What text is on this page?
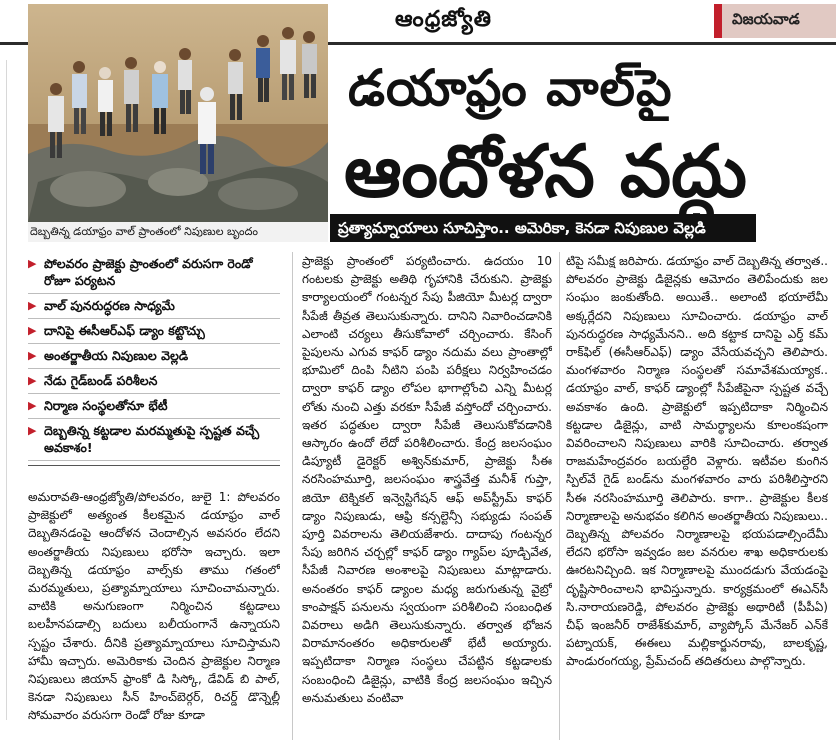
ఆంధ్రజ్యోతి	విజయవాడ
దెబ్బతిన్న డయాఫ్రం వాల్ ప్రాంతంలో నిపుణుల బృందం
డయాఫ్రం వాల్‌పై
ఆందోళన వద్దు
ప్రత్యామ్నాయాలు సూచిస్తాం.. అమెరికా, కెనడా నిపుణుల వెల్లడి
▶ పోలవరం ప్రాజెక్టు ప్రాంతంలో వరుసగా రెండో రోజూ పర్యటన
▶ వాల్ పునరుద్ధరణ సాధ్యమే
▶ దానిపై ఈసీఆర్‌ఎఫ్ డ్యాం కట్టొచ్చు
▶ అంతర్జాతీయ నిపుణుల వెల్లడి
▶ నేడు గైడ్‌బండ్ పరిశీలన
▶ నిర్మాణ సంస్థలతోనూ భేటీ
▶ దెబ్బతిన్న కట్టడాల మరమ్మతుపై స్పష్టత వచ్చే అవకాశం!

అమరావతి-ఆంధ్రజ్యోతి/పోలవరం, జులై 1: పోలవరం ప్రాజెక్టులో అత్యంత కీలకమైన డయాఫ్రం వాల్ దెబ్బతినడంపై ఆందోళన చెందాల్సిన అవసరం లేదని అంతర్జాతీయ నిపుణులు భరోసా ఇచ్చారు. ఇలా దెబ్బతిన్న డయాఫ్రం వాల్స్‌కు తాము గతంలో మరమ్మతులు, ప్రత్యామ్నాయాలు సూచించామన్నారు. వాటికి అనుగుణంగా నిర్మించిన కట్టడాలు బలహీనపడాల్సి బదులు బలీయంగానే ఉన్నాయని స్పష్టం చేశారు. దీనికి ప్రత్యామ్నాయాలు సూచిస్తామని హామీ ఇచ్చారు. అమెరికాకు చెందిన ప్రాజెక్టుల నిర్మాణ నిపుణులు జియాన్ ఫ్రాంకో డి సిస్కో, డేవిడ్ బి పాల్, కెనడా నిపుణులు సీన్ హించ్‌బెర్గర్, రిచర్డ్ డొన్నెల్లీ సోమవారం వరుసగా రెండో రోజు కూడా

ప్రాజెక్టు ప్రాంతంలో పర్యటించారు. ఉదయం 10 గంటలకు ప్రాజెక్టు అతిథి గృహానికి చేరుకుని. ప్రాజెక్టు కార్యాలయంలో గంటన్నర సేపు పీజియో మీటర్ల ద్వారా సీపేజీ తీవ్రత తెలుసుకున్నారు. దానిని నివారించడానికి ఎలాంటి చర్యలు తీసుకోవాలో చర్చించారు. కేసింగ్ పైపులను ఎగువ కాఫర్ డ్యాం నదుమ వలు ప్రాంతాల్లో భూమిలో దింపి నీటిని పంపి పరీక్షలు నిర్వహించడం ద్వారా కాఫర్ డ్యాం లోపల భాగాల్లోంచి ఎన్ని మీటర్ల లోతు నుంచి ఎత్తు వరకూ సీపేజీ వస్తోందో చర్చించారు. ఇతర పద్ధతుల ద్వారా సీపేజీ తెలుసుకోవడానికి ఆస్కారం ఉందో లేదో పరిశీలించారు. కేంద్ర జలసంఘం డిప్యూటీ డైరెక్టర్ అశ్విన్‌కుమార్, ప్రాజెక్టు సీఈ నరసింహమూర్తి, జలసంఘం శాస్త్రవేత్త మనీశ్ గుప్తా, జియో టెక్నికల్ ఇన్వెస్టిగేషన్ ఆఫ్ అప్‌స్ట్రీమ్ కాఫర్ డ్యాం నిపుణుడు, ఆఫ్రి కన్సల్టెన్సీ సభ్యుడు సంపత్ పూర్తి వివరాలను తెలియజేశారు. దాదాపు గంటన్నర సేపు జరిగిన చర్చల్లో కాఫర్ డ్యాం గ్యాప్‌ల పూడ్చివేత, సీపేజీ నివారణ అంశాలపై నిపుణులు మాట్లాడారు. అనంతరం కాఫర్ డ్యాంల మధ్య జరుగుతున్న వైబ్రో కాంపాక్షన్ పనులను స్వయంగా పరిశీలించి సంబంధిత వివరాలు అడిగి తెలుసుకున్నారు. తర్వాత భోజన విరామానంతరం అధికారులతో భేటీ అయ్యారు. ఇప్పటిదాకా నిర్మాణ సంస్థలు చేపట్టిన కట్టడాలకు సంబంధించి డిజైన్లు, వాటికి కేంద్ర జలసంఘం ఇచ్చిన అనుమతులు వంటివా

టిపై సమీక్ష జరిపారు. డయాఫ్రం వాల్ దెబ్బతిన్న తర్వాత.. పోలవరం ప్రాజెక్టు డిజైన్లకు ఆమోదం తెలిపేందుకు జల సంఘం జంకుతోంది. అయితే.. అలాంటి భయాలేమీ అక్కర్లేదని నిపుణులు సూచించారు. డయాఫ్రం వాల్ పునరుద్ధరణ సాధ్యమేనని.. అది కట్టాక దానిపై ఎర్త్ కమ్ రాక్‌ఫిల్ (ఈసీఆర్‌ఎఫ్) డ్యాం వేసేయవచ్చని తెలిపారు. మంగళవారం నిర్మాణ సంస్థలతో సమావేశమయ్యాక.. డయాఫ్రం వాల్, కాఫర్ డ్యాంల్లో సీపేజీపైనా స్పష్టత వచ్చే అవకాశం ఉంది. ప్రాజెక్టులో ఇప్పటిదాకా నిర్మించిన కట్టడాల డిజైన్లు, వాటి సామర్థ్యాలను కూలంకషంగా వివరించాలని నిపుణులు వారికి సూచించారు. తర్వాత రాజమహేంద్రవరం బయల్దేరి వెళ్లారు. ఇటీవల కుంగిన స్పిల్‌వే గైడ్ బండ్‌ను మంగళవారం వారు పరిశీలిస్తారని సీఈ నరసింహమూర్తి తెలిపారు. కాగా.. ప్రాజెక్టుల కీలక నిర్మాణాలపై అనుభవం కలిగిన అంతర్జాతీయ నిపుణులు.. దెబ్బతిన్న పోలవరం నిర్మాణాలపై భయపడాల్సిందేమీ లేదని భరోసా ఇవ్వడం జల వనరుల శాఖ అధికారులకు ఊరటనిచ్చింది. ఇక నిర్మాణాలపై ముందడుగు వేయడంపై దృష్టిసారించాలని భావిస్తున్నారు. కార్యక్రమంలో ఈఎన్‌సీ సి.నారాయణరెడ్డి, పోలవరం ప్రాజెక్టు అథారిటీ (పీపీఏ) చీఫ్ ఇంజనీర్ రాజేశ్‌కుమార్, వ్యాప్కోస్ మేనేజర్ ఎన్‌కే పట్నాయక్, ఈఈలు మల్లికార్జునరావు, బాలకృష్ణ, పాండురంగయ్య, ప్రేమ్‌చంద్ తదితరులు పాల్గొన్నారు.
